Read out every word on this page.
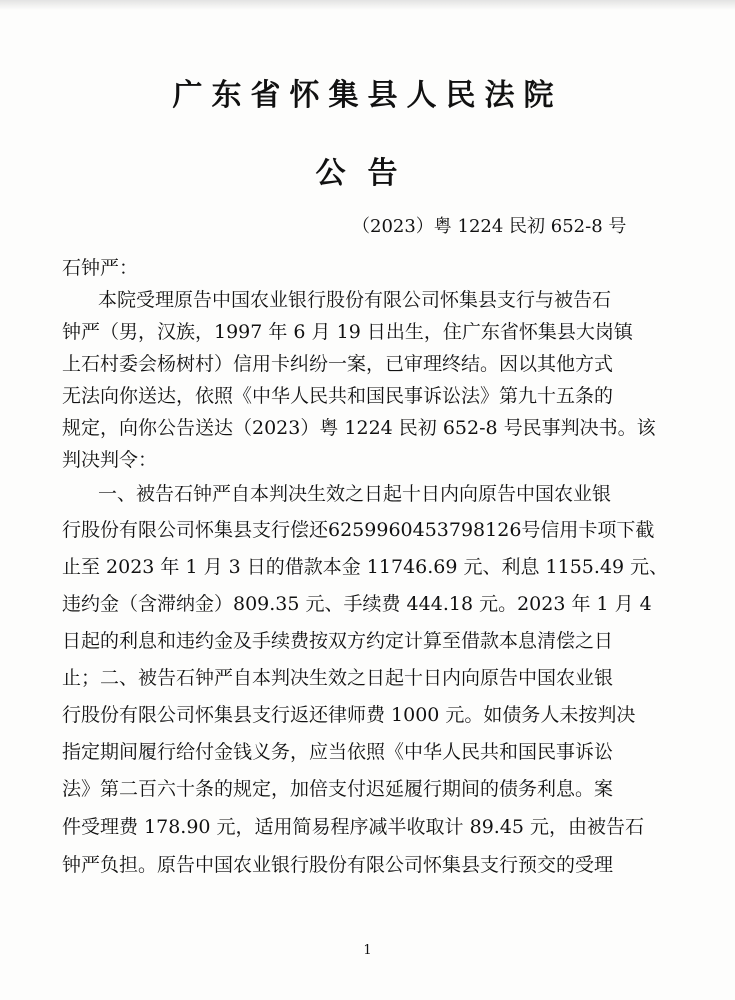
广东省怀集县人民法院
公告
（2023）粤 1224 民初 652-8 号
石钟严：
本院受理原告中国农业银行股份有限公司怀集县支行与被告石
钟严（男，汉族，1997 年 6 月 19 日出生，住广东省怀集县大岗镇
上石村委会杨树村）信用卡纠纷一案，已审理终结。因以其他方式
无法向你送达，依照《中华人民共和国民事诉讼法》第九十五条的
规定，向你公告送达（2023）粤 1224 民初 652-8 号民事判决书。该
判决判令：
一、被告石钟严自本判决生效之日起十日内向原告中国农业银
行股份有限公司怀集县支行偿还6259960453798126号信用卡项下截
止至 2023 年 1 月 3 日的借款本金 11746.69 元、利息 1155.49 元、
违约金（含滞纳金）809.35 元、手续费 444.18 元。2023 年 1 月 4
日起的利息和违约金及手续费按双方约定计算至借款本息清偿之日
止；二、被告石钟严自本判决生效之日起十日内向原告中国农业银
行股份有限公司怀集县支行返还律师费 1000 元。如债务人未按判决
指定期间履行给付金钱义务，应当依照《中华人民共和国民事诉讼
法》第二百六十条的规定，加倍支付迟延履行期间的债务利息。案
件受理费 178.90 元，适用简易程序减半收取计 89.45 元，由被告石
钟严负担。原告中国农业银行股份有限公司怀集县支行预交的受理
1
